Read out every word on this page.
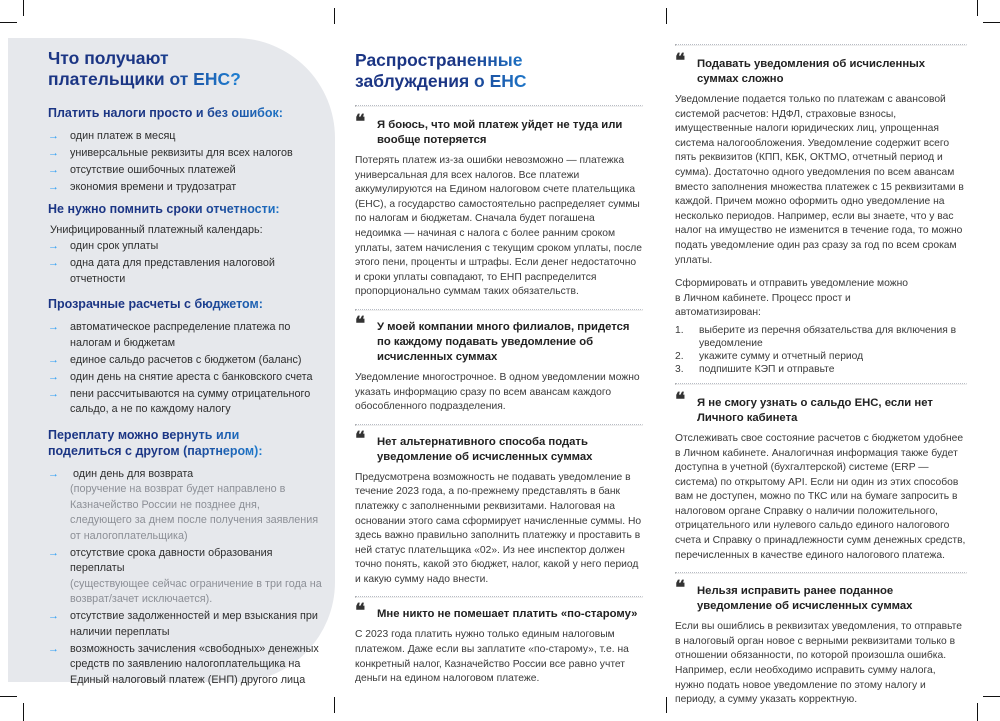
Что получают плательщики от ЕНС?
Платить налоги просто и без ошибок:
→ один платеж в месяц
→ универсальные реквизиты для всех налогов
→ отсутствие ошибочных платежей
→ экономия времени и трудозатрат
Не нужно помнить сроки отчетности:

Унифицированный платежный календарь:

→ один срок уплаты
→ одна дата для представления налоговой отчетности
Прозрачные расчеты с бюджетом:
→ автоматическое распределение платежа по налогам и бюджетам
→ единое сальдо расчетов с бюджетом (баланс)
→ один день на снятие ареста с банковского счета
→ пени рассчитываются на сумму отрицательного сальдо, а не по каждому налогу
Переплату можно вернуть или поделиться с другом (партнером):
→ один день для возврата
(поручение на возврат будет направлено в Казначейство России не позднее дня, следующего за днем после получения заявления от налогоплательщика)
→ отсутствие срока давности образования переплаты
(существующее сейчас ограничение в три года на возврат/зачет исключается).
→ отсутствие задолженностей и мер взыскания при наличии переплаты
→ возможность зачисления «свободных» денежных средств по заявлению налогоплательщика на Единый налоговый платеж (ЕНП) другого лица
Распространенные заблуждения о ЕНС

❝ Я боюсь, что мой платеж уйдет не туда или вообще потеряется

Потерять платеж из-за ошибки невозможно — платежка универсальная для всех налогов. Все платежи аккумулируются на Едином налоговом счете плательщика (ЕНС), а государство самостоятельно распределяет суммы по налогам и бюджетам. Сначала будет погашена недоимка — начиная с налога с более ранним сроком уплаты, затем начисления с текущим сроком уплаты, после этого пени, проценты и штрафы. Если денег недостаточно и сроки уплаты совпадают, то ЕНП распределится пропорционально суммам таких обязательств.

❝ У моей компании много филиалов, придется по каждому подавать уведомление об исчисленных суммах

Уведомление многострочное. В одном уведомлении можно указать информацию сразу по всем авансам каждого обособленного подразделения.

❝ Нет альтернативного способа подать уведомление об исчисленных суммах

Предусмотрена возможность не подавать уведомление в течение 2023 года, а по-прежнему представлять в банк платежку с заполненными реквизитами. Налоговая на основании этого сама сформирует начисленные суммы. Но здесь важно правильно заполнить платежку и проставить в ней статус плательщика «02». Из нее инспектор должен точно понять, какой это бюджет, налог, какой у него период и какую сумму надо внести.

❝ Мне никто не помешает платить «по-старому»

С 2023 года платить нужно только единым налоговым платежом. Даже если вы заплатите «по-старому», т.е. на конкретный налог, Казначейство России все равно учтет деньги на едином налоговом платеже.

❝ Подавать уведомления об исчисленных суммах сложно

Уведомление подается только по платежам с авансовой системой расчетов: НДФЛ, страховые взносы, имущественные налоги юридических лиц, упрощенная система налогообложения. Уведомление содержит всего пять реквизитов (КПП, КБК, ОКТМО, отчетный период и сумма). Достаточно одного уведомления по всем авансам вместо заполнения множества платежек с 15 реквизитами в каждой. Причем можно оформить одно уведомление на несколько периодов. Например, если вы знаете, что у вас налог на имущество не изменится в течение года, то можно подать уведомление один раз сразу за год по всем срокам уплаты.

Сформировать и отправить уведомление можно в Личном кабинете. Процесс прост и автоматизирован:

1. выберите из перечня обязательства для включения в уведомление
2. укажите сумму и отчетный период
3. подпишите КЭП и отправьте

❝ Я не смогу узнать о сальдо ЕНС, если нет Личного кабинета

Отслеживать свое состояние расчетов с бюджетом удобнее в Личном кабинете. Аналогичная информация также будет доступна в учетной (бухгалтерской) системе (ERP — система) по открытому API. Если ни один из этих способов вам не доступен, можно по ТКС или на бумаге запросить в налоговом органе Справку о наличии положительного, отрицательного или нулевого сальдо единого налогового счета и Справку о принадлежности сумм денежных средств, перечисленных в качестве единого налогового платежа.

❝ Нельзя исправить ранее поданное уведомление об исчисленных суммах

Если вы ошиблись в реквизитах уведомления, то отправьте в налоговый орган новое с верными реквизитами только в отношении обязанности, по которой произошла ошибка. Например, если необходимо исправить сумму налога, нужно подать новое уведомление по этому налогу и периоду, а сумму указать корректную.
